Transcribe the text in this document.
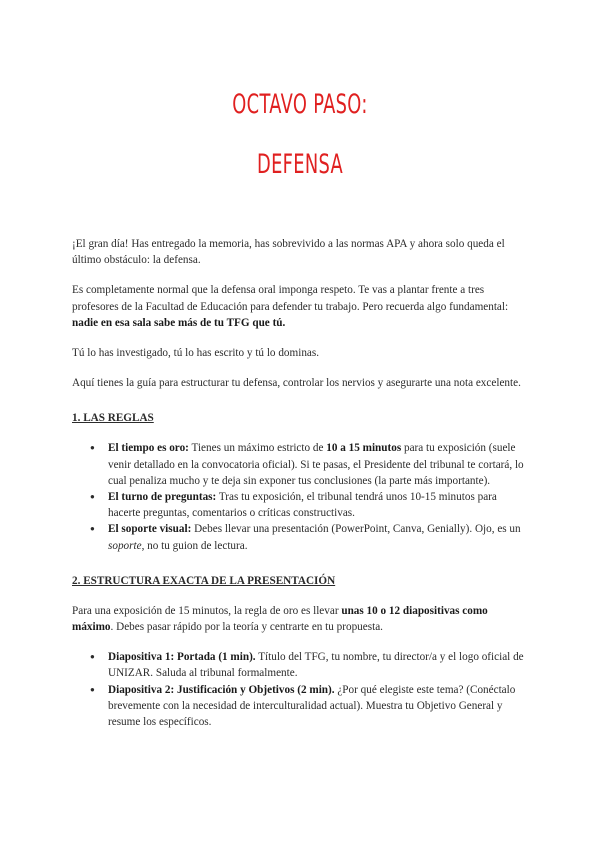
OCTAVO PASO:
DEFENSA

¡El gran día! Has entregado la memoria, has sobrevivido a las normas APA y ahora solo queda el último obstáculo: la defensa.

Es completamente normal que la defensa oral imponga respeto. Te vas a plantar frente a tres profesores de la Facultad de Educación para defender tu trabajo. Pero recuerda algo fundamental: nadie en esa sala sabe más de tu TFG que tú.

Tú lo has investigado, tú lo has escrito y tú lo dominas.

Aquí tienes la guía para estructurar tu defensa, controlar los nervios y asegurarte una nota excelente.

1. LAS REGLAS
● El tiempo es oro: Tienes un máximo estricto de 10 a 15 minutos para tu exposición (suele venir detallado en la convocatoria oficial). Si te pasas, el Presidente del tribunal te cortará, lo cual penaliza mucho y te deja sin exponer tus conclusiones (la parte más importante).
● El turno de preguntas: Tras tu exposición, el tribunal tendrá unos 10-15 minutos para hacerte preguntas, comentarios o críticas constructivas.
● El soporte visual: Debes llevar una presentación (PowerPoint, Canva, Genially). Ojo, es un soporte, no tu guion de lectura.
2. ESTRUCTURA EXACTA DE LA PRESENTACIÓN

Para una exposición de 15 minutos, la regla de oro es llevar unas 10 o 12 diapositivas como máximo. Debes pasar rápido por la teoría y centrarte en tu propuesta.

● Diapositiva 1: Portada (1 min). Título del TFG, tu nombre, tu director/a y el logo oficial de UNIZAR. Saluda al tribunal formalmente.
● Diapositiva 2: Justificación y Objetivos (2 min). ¿Por qué elegiste este tema? (Conéctalo brevemente con la necesidad de interculturalidad actual). Muestra tu Objetivo General y resume los específicos.
